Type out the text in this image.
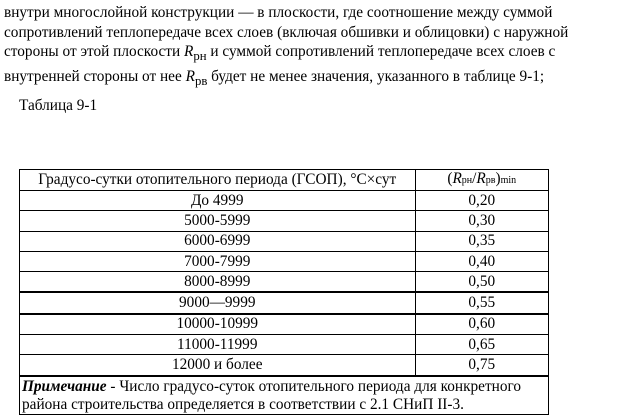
внутри многослойной конструкции — в плоскости, где соотношение между суммой
сопротивлений теплопередаче всех слоев (включая обшивки и облицовки) с наружной
стороны от этой плоскости $R_{рн}$ и суммой сопротивлений теплопередаче всех слоев с
внутренней стороны от нее $R_{рв}$ будет не менее значения, указанного в таблице 9-1;
Таблица 9-1
Градусо-сутки отопительного периода (ГСОП), °С×сут	(Rрн/Rрв)min
До 4999	0,20
5000-5999	0,30
6000-6999	0,35
7000-7999	0,40
8000-8999	0,50
9000—9999	0,55
10000-10999	0,60
11000-11999	0,65
12000 и более	0,75
Примечание - Число градусо-суток отопительного периода для конкретного района строительства определяется в соответствии с 2.1 СНиП II-3.	
